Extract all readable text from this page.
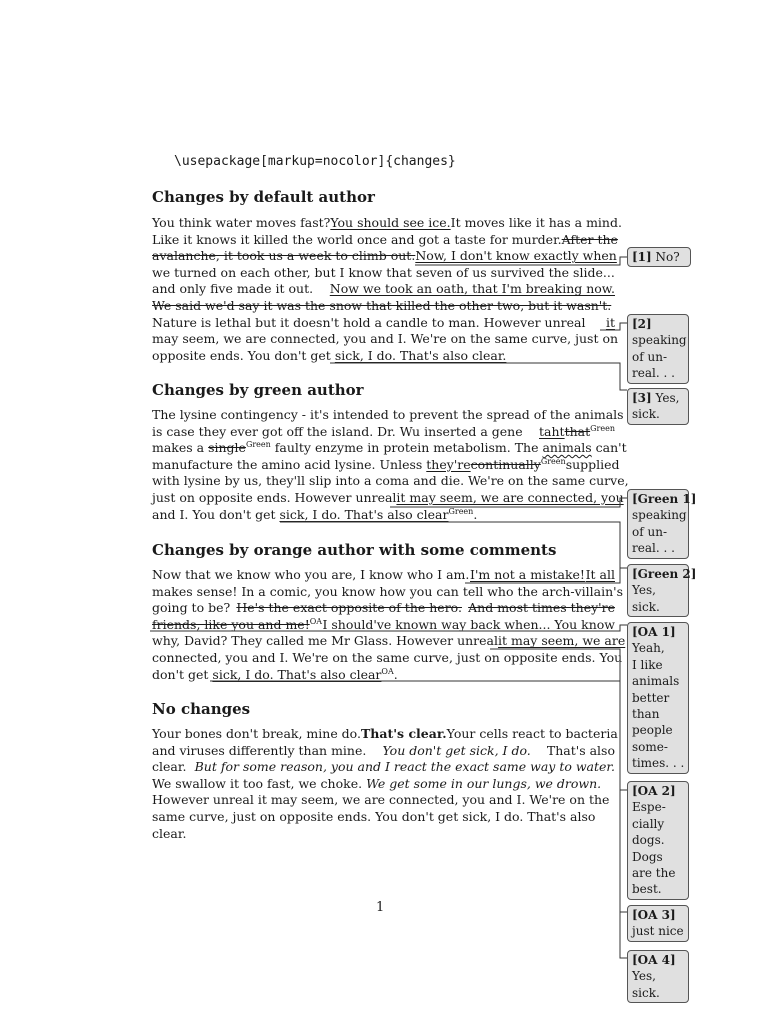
\usepackage[markup=nocolor]{changes}
Changes by default author
You think water moves fast? You should see ice. It moves like it has a mind.
Like it knows it killed the world once and got a taste for murder. After the
avalanche, it took us a week to climb out. Now, I don't know exactly when
we turned on each other, but I know that seven of us survived the slide...
and only five made it out. Now we took an oath, that I'm breaking now.
We said we'd say it was the snow that killed the other two, but it wasn't.
Nature is lethal but it doesn't hold a candle to man. However unreal it
may seem, we are connected, you and I. We're on the same curve, just on
opposite ends. You don't get sick, I do. That's also clear.
Changes by green author
The lysine contingency - it's intended to prevent the spread of the animals
is case they ever got off the island. Dr. Wu inserted a gene tahtthat$^{Green}$
makes a single$^{Green}$ faulty enzyme in protein metabolism. The animals can't
manufacture the amino acid lysine. Unless they'recontinually$^{Green}$ supplied
with lysine by us, they'll slip into a coma and die. We're on the same curve,
just on opposite ends. However unreal it may seem, we are connected, you
and I. You don't get sick, I do. That's also clear$^{Green}$.
Changes by orange author with some comments
Now that we know who you are, I know who I am. I'm not a mistake! It all
makes sense! In a comic, you know how you can tell who the arch-villain's
going to be? He's the exact opposite of the hero. And most times they're
friends, like you and me!$^{OA}$ I should've known way back when... You know
why, David? They called me Mr Glass. However unreal it may seem, we are
connected, you and I. We're on the same curve, just on opposite ends. You
don't get sick, I do. That's also clear$^{OA}$.
No changes
Your bones don't break, mine do. That's clear. Your cells react to bacteria
and viruses differently than mine. You don't get sick, I do. That's also
clear. But for some reason, you and I react the exact same way to water.
We swallow it too fast, we choke. We get some in our lungs, we drown.
However unreal it may seem, we are connected, you and I. We're on the
same curve, just on opposite ends. You don't get sick, I do. That's also
clear.
1
[1] No?
[2]
speaking
of un-
real. . .
[3] Yes,
sick.
[Green 1]
speaking
of un-
real. . .
[Green 2]
Yes,
sick.
[OA 1]
Yeah,
I like
animals
better
than
people
some-
times. . .
[OA 2]
Espe-
cially
dogs.
Dogs
are the
best.
[OA 3]
just nice
[OA 4]
Yes,
sick.
